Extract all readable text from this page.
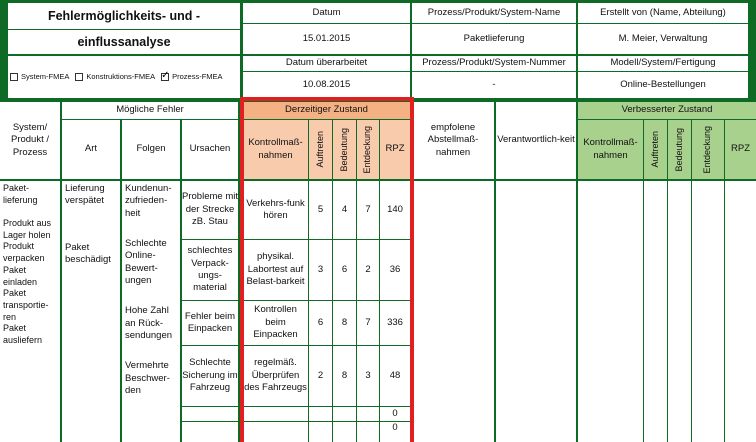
Fehlermöglichkeits- und -
einflussanalyse
Datum
15.01.2015
Prozess/Produkt/System-Name
Paketlieferung
Erstellt von (Name, Abteilung)
M. Meier, Verwaltung
System-FMEA Konstruktions-FMEA
✓ Prozess-FMEA
Datum überarbeitet
10.08.2015
Prozess/Produkt/System-Nummer
-
Modell/System/Fertigung
Online-Bestellungen
System/ Produkt / Prozess
Mögliche Fehler
Art	Folgen	Ursachen
Derzeitiger Zustand
Kontrollmaß-nahmen	Auftreten Bedeutung Entdeckung	RPZ
empfolene Abstellmaß-nahmen
Verantwortlich-keit
Verbesserter Zustand
Kontrollmaß-nahmen	Auftreten Bedeutung Entdeckung	RPZ
Paket-lieferung

Produkt aus Lager holen
Produkt verpacken
Paket einladen
Paket transportie-ren
Paket ausliefern
Lieferung verspätet
Paket beschädigt
Kundenun-zufrieden-heit
Schlechte Online-Bewert-ungen
Hohe Zahl an Rück-sendungen
Vermehrte Beschwer-den
Probleme mit der Strecke zB. Stau
schlechtes Verpack-ungs-material
Fehler beim Einpacken
Schlechte Sicherung im Fahrzeug
Verkehrs-funk hören
5	4	7	140
physikal. Labortest auf Belast-barkeit
3	6	2	36
Kontrollen beim Einpacken
6	8	7	336
regelmäß. Überprüfen des Fahrzeugs
2	8	3	48
0
0
